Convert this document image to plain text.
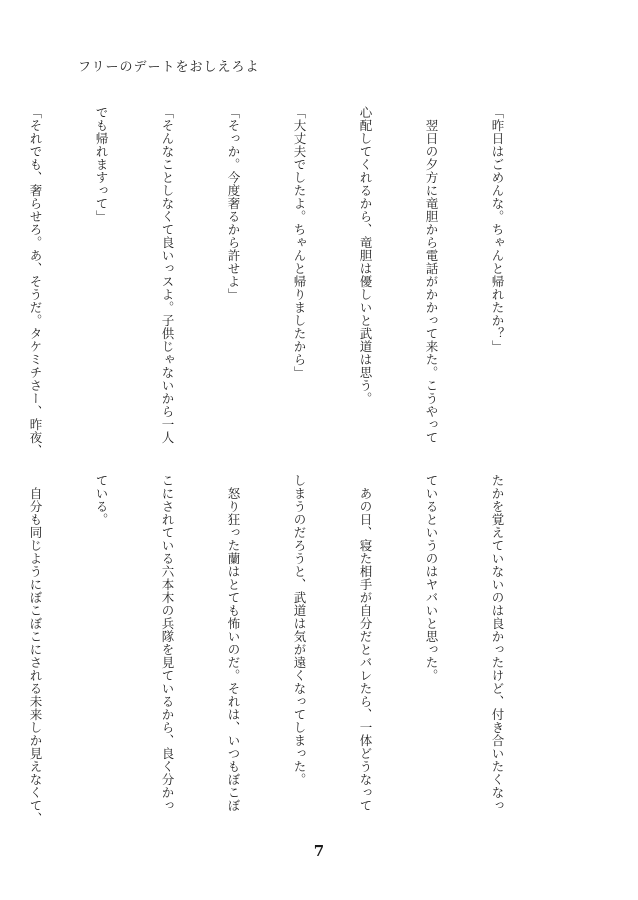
フリーのデートをおしえろよ

「昨日はごめんな。ちゃんと帰れたか？」

　翌日の夕方に竜胆から電話がかかって来た。こうやって

心配してくれるから、竜胆は優しいと武道は思う。

「大丈夫でしたよ。ちゃんと帰りましたから」

「そっか。今度奢るから許せよ」

「そんなことしなくて良いっスよ。子供じゃないから一人

でも帰れますって」

「それでも、奢らせろ。あ、そうだ。タケミチさー、昨夜、

たかを覚えていないのは良かったけど、付き合いたくなっ

ているというのはヤバいと思った。

　あの日、寝た相手が自分だとバレたら、一体どうなって

しまうのだろうと、武道は気が遠くなってしまった。

　怒り狂った蘭はとても怖いのだ。それは、いつもぼこぼ

こにされている六本木の兵隊を見ているから、良く分かっ

ている。

　自分も同じようにぼこぼこにされる未来しか見えなくて、

7
